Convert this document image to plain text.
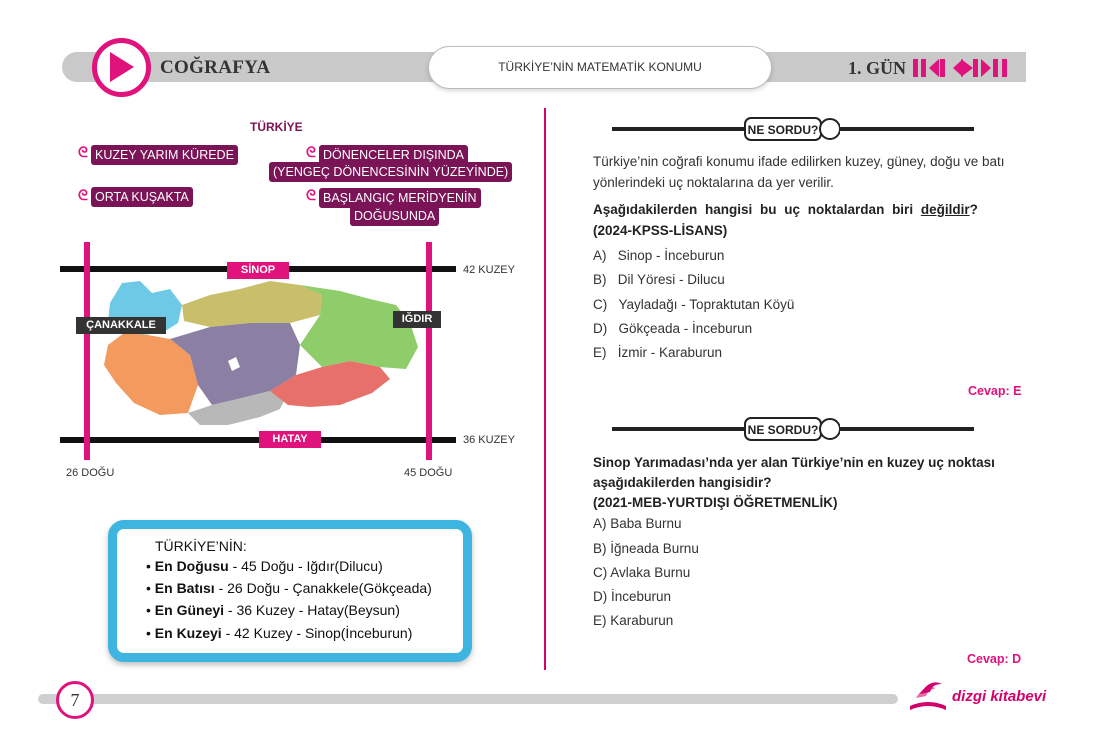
COĞRAFYA	TÜRKİYE’NİN MATEMATİK KONUMU	1. GÜN
TÜRKİYE
ᘓ KUZEY YARIM KÜREDE
ᘓ ORTA KUŞAKTA
ᘓ DÖNENCELER DIŞINDA
(YENGEÇ DÖNENCESİNİN YÜZEYİNDE)
ᘓ BAŞLANGIÇ MERİDYENİN
DOĞUSUNDA
SİNOP
HATAY
ÇANAKKALE	IĞDIR
42 KUZEY
36 KUZEY
26 DOĞU	45 DOĞU
TÜRKİYE’NİN:
• En Doğusu - 45 Doğu - Iğdır(Dilucu)
• En Batısı - 26 Doğu - Çanakkele(Gökçeada)
• En Güneyi - 36 Kuzey - Hatay(Beysun)
• En Kuzeyi - 42 Kuzey - Sinop(İnceburun)
NE SORDU?
Türkiye’nin coğrafi konumu ifade edilirken kuzey, güney, doğu ve batı
yönlerindeki uç noktalarına da yer verilir.
Aşağıdakilerden hangisi bu uç noktalardan biri değildir?
(2024-KPSS-LİSANS)
A) Sinop - İnceburun
B) Dil Yöresi - Dilucu
C) Yayladağı - Topraktutan Köyü
D) Gökçeada - İnceburun
E) İzmir - Karaburun
Cevap: E
NE SORDU?
Sinop Yarımadası’nda yer alan Türkiye’nin en kuzey uç noktası
aşağıdakilerden hangisidir?
(2021-MEB-YURTDIŞI ÖĞRETMENLİK)
A) Baba Burnu
B) İğneada Burnu
C) Avlaka Burnu
D) İnceburun
E) Karaburun
Cevap: D
7	dizgi kitabevi
